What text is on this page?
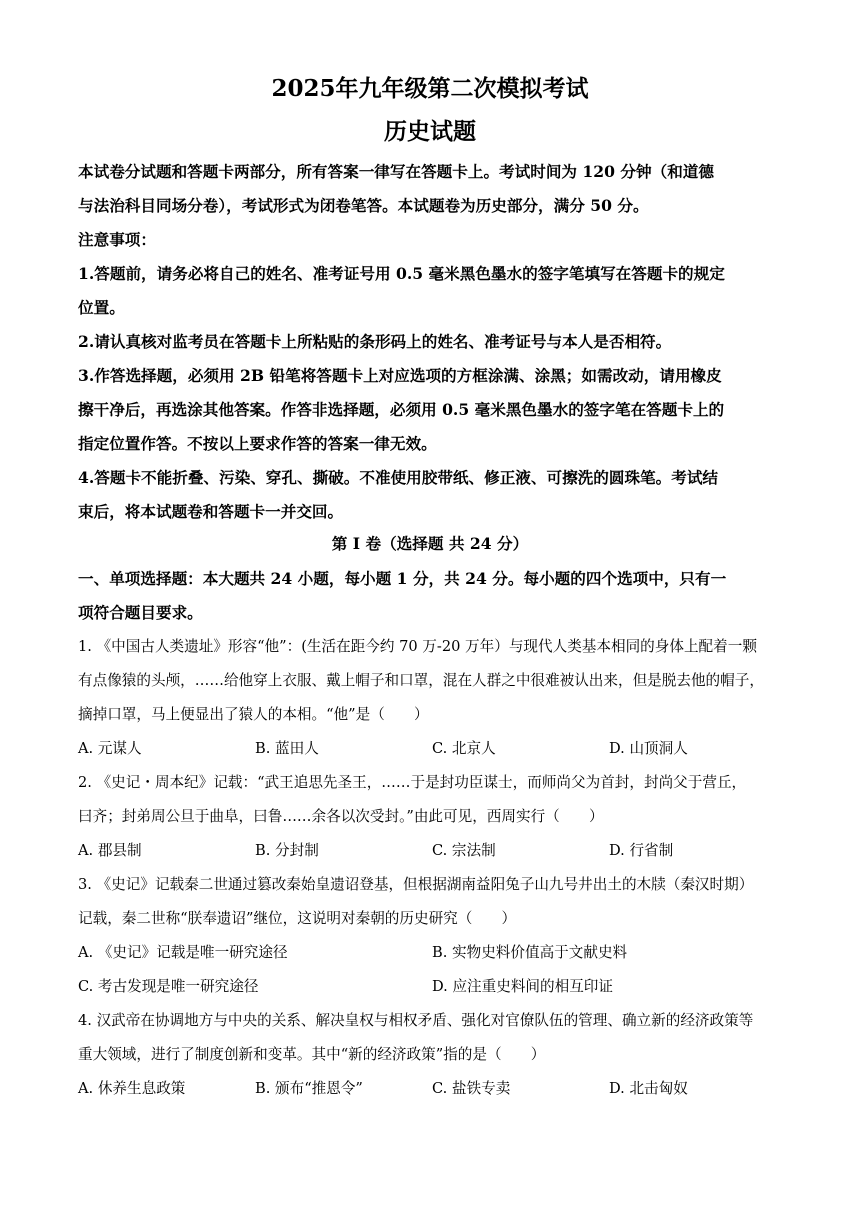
2025年九年级第二次模拟考试
历史试题
本试卷分试题和答题卡两部分，所有答案一律写在答题卡上。考试时间为 120 分钟（和道德
与法治科目同场分卷），考试形式为闭卷笔答。本试题卷为历史部分，满分 50 分。
注意事项：
1.答题前，请务必将自己的姓名、准考证号用 0.5 毫米黑色墨水的签字笔填写在答题卡的规定
位置。
2.请认真核对监考员在答题卡上所粘贴的条形码上的姓名、准考证号与本人是否相符。
3.作答选择题，必须用 2B 铅笔将答题卡上对应选项的方框涂满、涂黑；如需改动，请用橡皮
擦干净后，再选涂其他答案。作答非选择题，必须用 0.5 毫米黑色墨水的签字笔在答题卡上的
指定位置作答。不按以上要求作答的答案一律无效。
4.答题卡不能折叠、污染、穿孔、撕破。不准使用胶带纸、修正液、可擦洗的圆珠笔。考试结
束后，将本试题卷和答题卡一并交回。
第 I 卷（选择题 共 24 分）
一、单项选择题：本大题共 24 小题，每小题 1 分，共 24 分。每小题的四个选项中，只有一
项符合题目要求。
1. 《中国古人类遗址》形容“他”：(生活在距今约 70 万-20 万年）与现代人类基本相同的身体上配着一颗
有点像猿的头颅，……给他穿上衣服、戴上帽子和口罩，混在人群之中很难被认出来，但是脱去他的帽子，
摘掉口罩，马上便显出了猿人的本相。“他”是（　　）
A. 元谋人	B. 蓝田人	C. 北京人	D. 山顶洞人
2. 《史记・周本纪》记载：“武王追思先圣王，……于是封功臣谋士，而师尚父为首封，封尚父于营丘，
曰齐；封弟周公旦于曲阜，曰鲁……余各以次受封。”由此可见，西周实行（　　）
A. 郡县制	B. 分封制	C. 宗法制	D. 行省制
3. 《史记》记载秦二世通过篡改秦始皇遗诏登基，但根据湖南益阳兔子山九号井出土的木牍（秦汉时期）
记载，秦二世称“朕奉遗诏”继位，这说明对秦朝的历史研究（　　）
A. 《史记》记载是唯一研究途径	B. 实物史料价值高于文献史料
C. 考古发现是唯一研究途径	D. 应注重史料间的相互印证
4. 汉武帝在协调地方与中央的关系、解决皇权与相权矛盾、强化对官僚队伍的管理、确立新的经济政策等
重大领域，进行了制度创新和变革。其中“新的经济政策”指的是（　　）
A. 休养生息政策	B. 颁布“推恩令”	C. 盐铁专卖	D. 北击匈奴
